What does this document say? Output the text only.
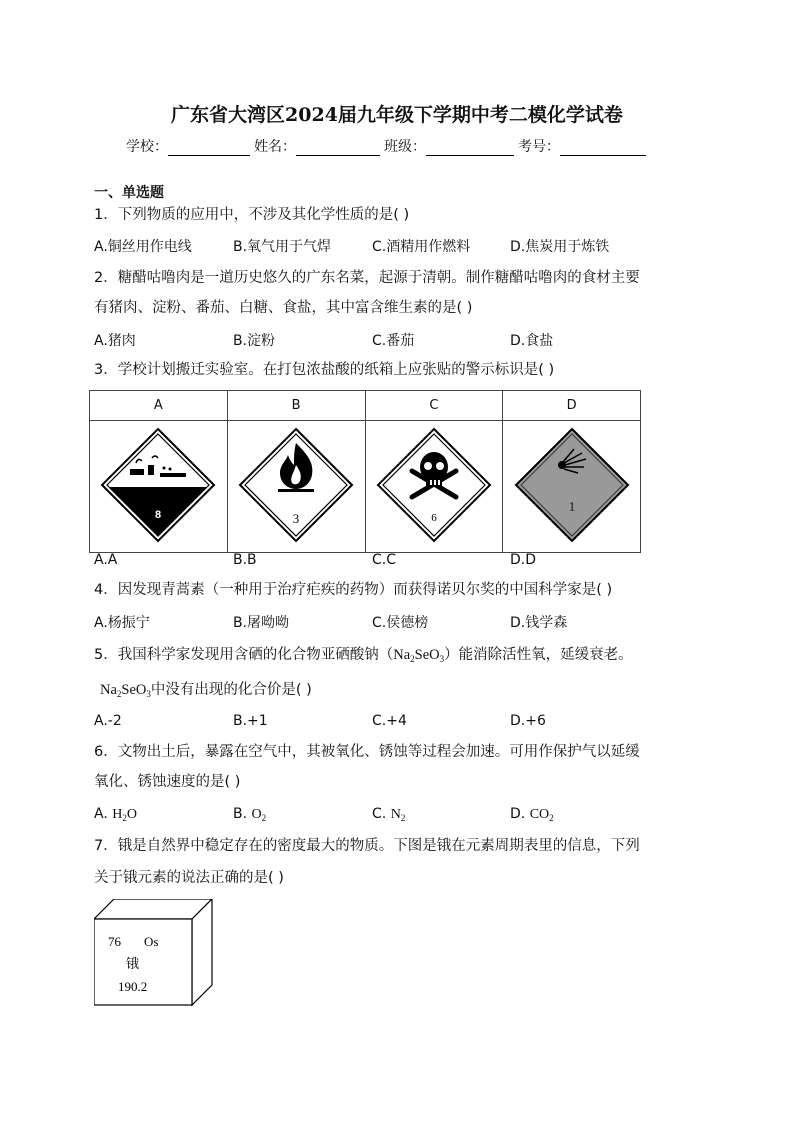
广东省大湾区2024届九年级下学期中考二模化学试卷
学校：	姓名：	班级：	考号：
一、单选题
1．下列物质的应用中，不涉及其化学性质的是( )
A.铜丝用作电线	B.氧气用于气焊	C.酒精用作燃料	D.焦炭用于炼铁
2．糖醋咕噜肉是一道历史悠久的广东名菜，起源于清朝。制作糖醋咕噜肉的食材主要
有猪肉、淀粉、番茄、白糖、食盐，其中富含维生素的是( )
A.猪肉	B.淀粉	C.番茄	D.食盐
3．学校计划搬迁实验室。在打包浓盐酸的纸箱上应张贴的警示标识是( )
A	B	C	D

8	3	6	1
A.A	B.B	C.C	D.D
4．因发现青蒿素（一种用于治疗疟疾的药物）而获得诺贝尔奖的中国科学家是( )
A.杨振宁	B.屠呦呦	C.侯德榜	D.钱学森
5．我国科学家发现用含硒的化合物亚硒酸钠$(Na_2SeO_3)$能消除活性氧，延缓衰老。
$Na_2SeO_3$中没有出现的化合价是( )
A.-2	B.+1	C.+4	D.+6
6．文物出土后，暴露在空气中，其被氧化、锈蚀等过程会加速。可用作保护气以延缓
氧化、锈蚀速度的是( )
A. $H_2O$	B. $O_2$	C. $N_2$	D. $CO_2$
7．锇是自然界中稳定存在的密度最大的物质。下图是锇在元素周期表里的信息，下列
关于锇元素的说法正确的是( )
76 Os
锇
190.2
